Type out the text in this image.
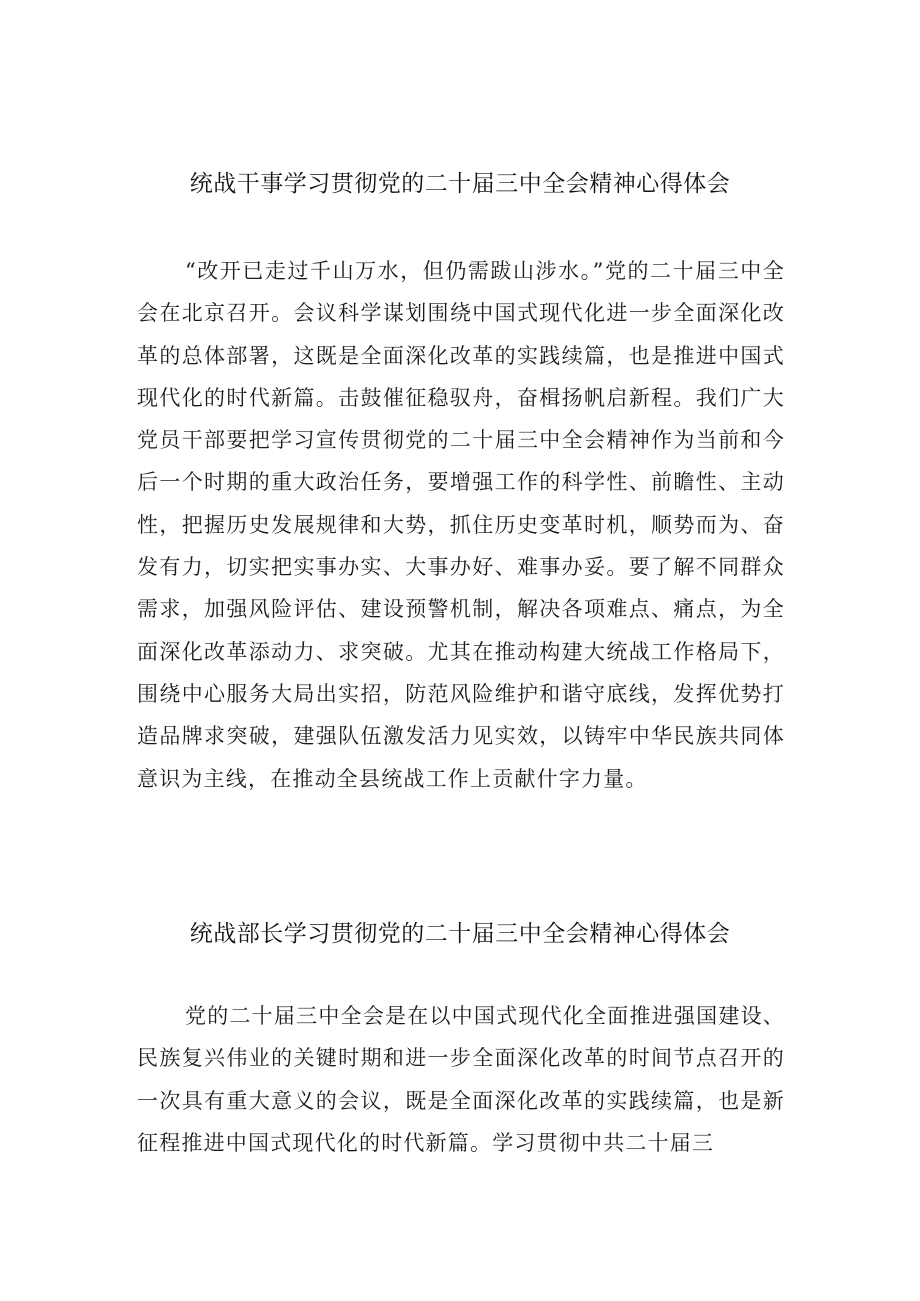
统战干事学习贯彻党的二十届三中全会精神心得体会

“改开已走过千山万水，但仍需跋山涉水。”党的二十届三中全会在北京召开。会议科学谋划围绕中国式现代化进一步全面深化改革的总体部署，这既是全面深化改革的实践续篇，也是推进中国式现代化的时代新篇。击鼓催征稳驭舟，奋楫扬帆启新程。我们广大党员干部要把学习宣传贯彻党的二十届三中全会精神作为当前和今后一个时期的重大政治任务，要增强工作的科学性、前瞻性、主动性，把握历史发展规律和大势，抓住历史变革时机，顺势而为、奋发有力，切实把实事办实、大事办好、难事办妥。要了解不同群众需求，加强风险评估、建设预警机制，解决各项难点、痛点，为全面深化改革添动力、求突破。尤其在推动构建大统战工作格局下，围绕中心服务大局出实招，防范风险维护和谐守底线，发挥优势打造品牌求突破，建强队伍激发活力见实效，以铸牢中华民族共同体意识为主线，在推动全县统战工作上贡献什字力量。

统战部长学习贯彻党的二十届三中全会精神心得体会

党的二十届三中全会是在以中国式现代化全面推进强国建设、民族复兴伟业的关键时期和进一步全面深化改革的时间节点召开的一次具有重大意义的会议，既是全面深化改革的实践续篇，也是新征程推进中国式现代化的时代新篇。学习贯彻中共二十届三
